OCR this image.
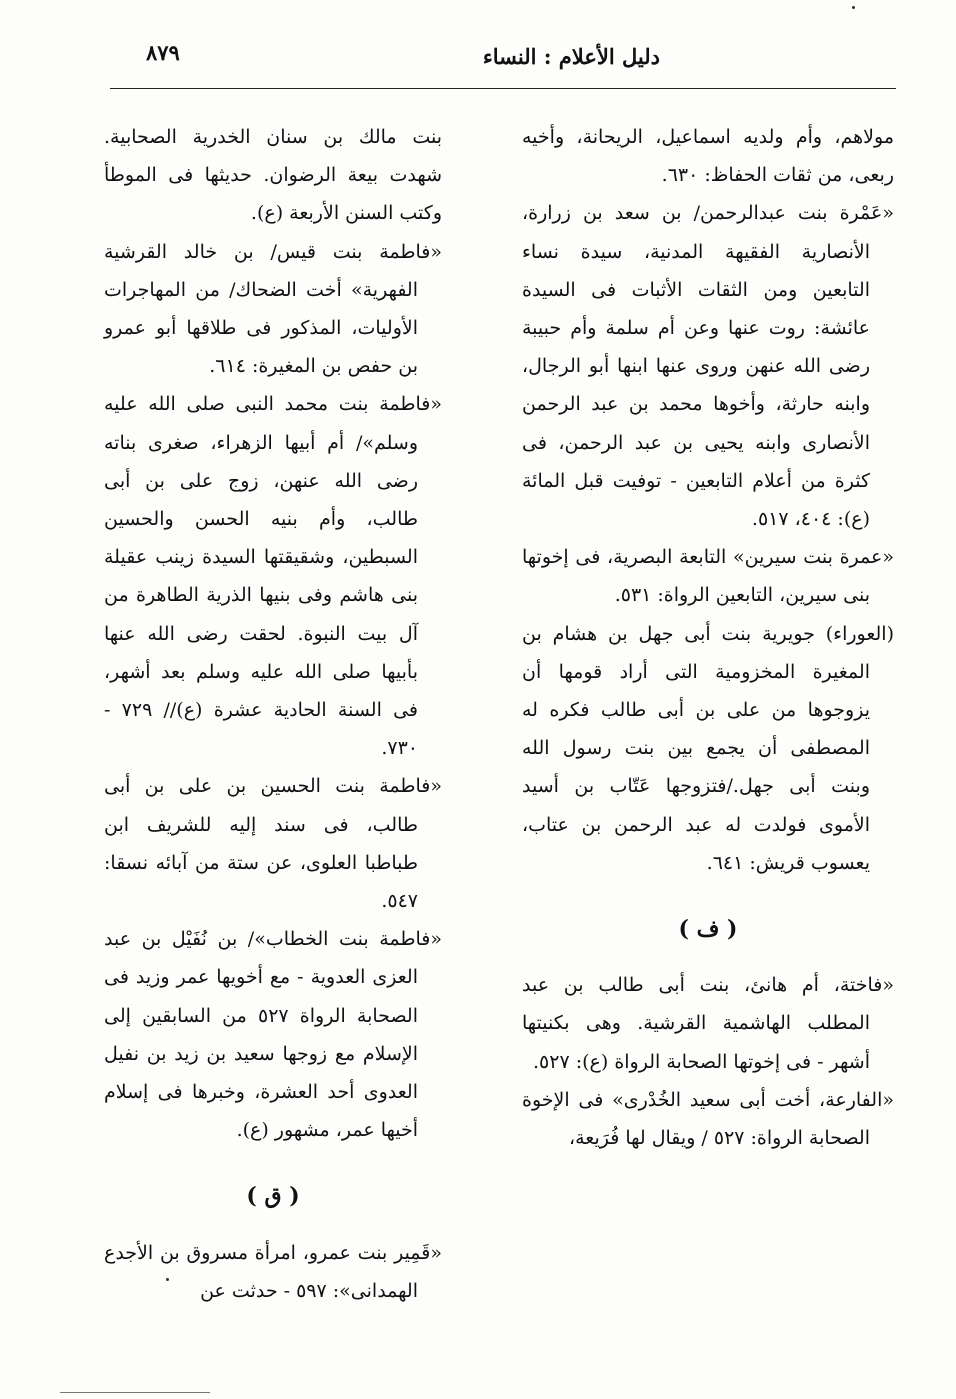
دليل الأعلام : النساء
٨٧٩

مولاهم، وأم ولديه اسماعيل، الريحانة، وأخيه ربعى، من ثقات الحفاظ: ٦٣٠.

«عَمْرة بنت عبدالرحمن/ بن سعد بن زرارة، الأنصارية الفقيهة المدنية، سيدة نساء التابعين ومن الثقات الأثبات فى السيدة عائشة: روت عنها وعن أم سلمة وأم حبيبة رضى الله عنهن وروى عنها ابنها أبو الرجال، وابنه حارثة، وأخوها محمد بن عبد الرحمن الأنصارى وابنه يحيى بن عبد الرحمن، فى كثرة من أعلام التابعين - توفيت قبل المائة (ع): ٤٠٤، ٥١٧.

«عمرة بنت سيرين» التابعة البصرية، فى إخوتها بنى سيرين، التابعين الرواة: ٥٣١.

(العوراء) جويرية بنت أبى جهل بن هشام بن المغيرة المخزومية التى أراد قومها أن يزوجوها من على بن أبى طالب فكره له المصطفى أن يجمع بين بنت رسول الله وبنت أبى جهل./فتزوجها عَتّاب بن أسيد الأموى فولدت له عبد الرحمن بن عتاب، يعسوب قريش: ٦٤١.

( ف )

«فاختة، أم هانئ، بنت أبى طالب بن عبد المطلب الهاشمية القرشية. وهى بكنيتها أشهر - فى إخوتها الصحابة الرواة (ع): ٥٢٧.

«الفارعة، أخت أبى سعيد الخُدْرى» فى الإخوة الصحابة الرواة: ٥٢٧ / ويقال لها فُرَيعة،

بنت مالك بن سنان الخدرية الصحابية. شهدت بيعة الرضوان. حديثها فى الموطأ وكتب السنن الأربعة (ع).

«فاطمة بنت قيس/ بن خالد القرشية الفهرية» أخت الضحاك/ من المهاجرات الأوليات، المذكور فى طلاقها أبو عمرو بن حفص بن المغيرة: ٦١٤.

«فاطمة بنت محمد النبى صلى الله عليه وسلم»/ أم أبيها الزهراء، صغرى بناته رضى الله عنهن، زوج على بن أبى طالب، وأم بنيه الحسن والحسين السبطين، وشقيقتها السيدة زينب عقيلة بنى هاشم وفى بنيها الذرية الطاهرة من آل بيت النبوة. لحقت رضى الله عنها بأبيها صلى الله عليه وسلم بعد أشهر، فى السنة الحادية عشرة (ع)// ٧٢٩ - ٧٣٠.

«فاطمة بنت الحسين بن على بن أبى طالب، فى سند إليه للشريف ابن طباطبا العلوى، عن ستة من آبائه نسقا: ٥٤٧.

«فاطمة بنت الخطاب»/ بن نُفَيْل بن عبد العزى العدوية - مع أخويها عمر وزيد فى الصحابة الرواة ٥٢٧ من السابقين إلى الإسلام مع زوجها سعيد بن زيد بن نفيل العدوى أحد العشرة، وخبرها فى إسلام أخيها عمر، مشهور (ع).

( ق )

«قَمِير بنت عمرو، امرأة مسروق بن الأجدع الهمدانى»: ٥٩٧ - حدثت عن
